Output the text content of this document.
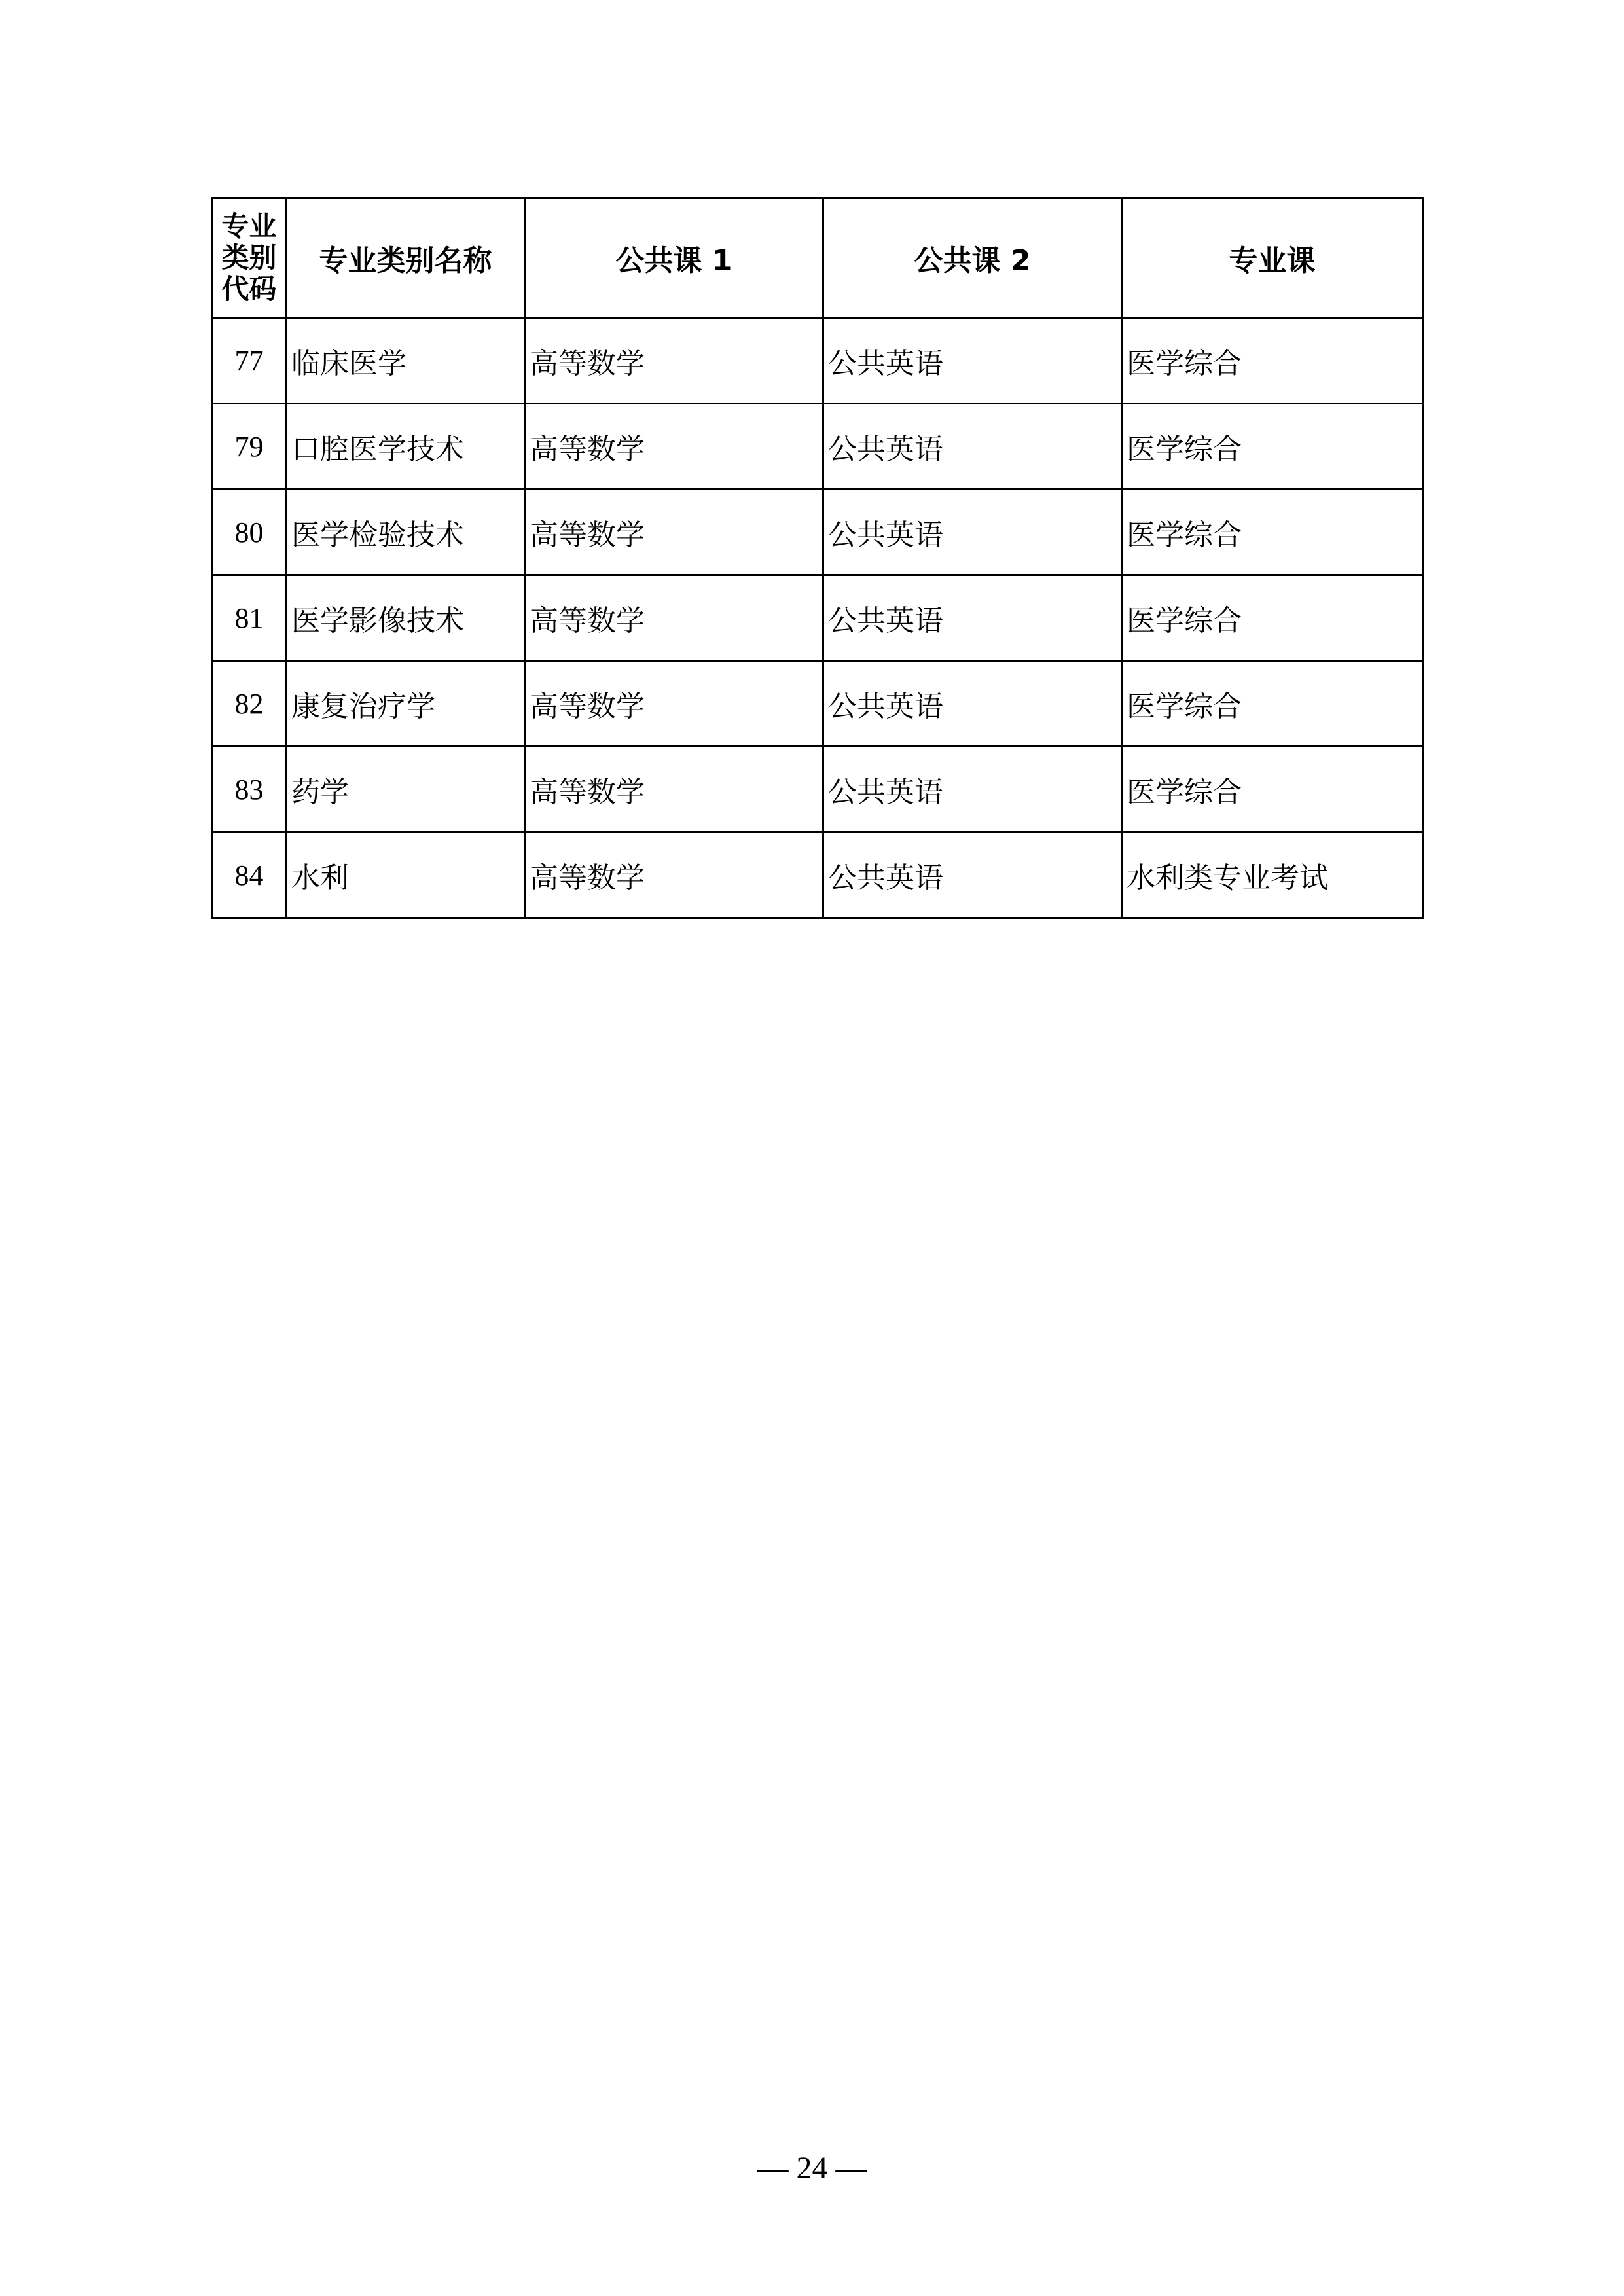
专业
类别
代码	专业类别名称	公共课 1	公共课 2	专业课
77	临床医学	高等数学	公共英语	医学综合
79	口腔医学技术	高等数学	公共英语	医学综合
80	医学检验技术	高等数学	公共英语	医学综合
81	医学影像技术	高等数学	公共英语	医学综合
82	康复治疗学	高等数学	公共英语	医学综合
83	药学	高等数学	公共英语	医学综合
84	水利	高等数学	公共英语	水利类专业考试
— 24 —
